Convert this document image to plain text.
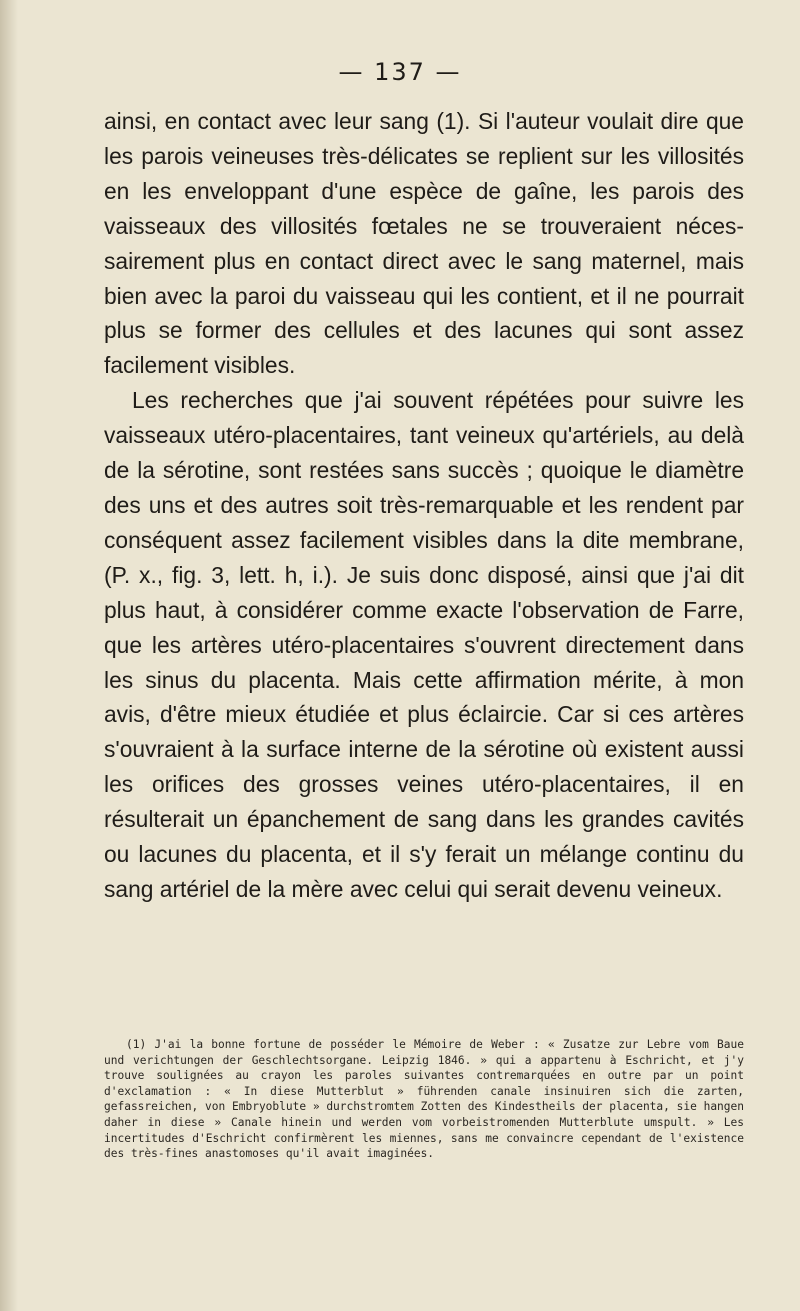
— 137 —

ainsi, en contact avec leur sang (1). Si l'auteur voulait dire que les parois veineuses très-délicates se replient sur les villosités en les enveloppant d'une espèce de gaîne, les parois des vaisseaux des villosités fœtales ne se trouveraient nécessairement plus en contact direct avec le sang maternel, mais bien avec la paroi du vaisseau qui les contient, et il ne pourrait plus se former des cellules et des lacunes qui sont assez facilement visibles.

Les recherches que j'ai souvent répétées pour suivre les vaisseaux utéro-placentaires, tant veineux qu'artériels, au delà de la sérotine, sont restées sans succès ; quoique le diamètre des uns et des autres soit très-remarquable et les rendent par conséquent assez facilement visibles dans la dite membrane, (P. x., fig. 3, lett. h, i.). Je suis donc disposé, ainsi que j'ai dit plus haut, à considérer comme exacte l'observation de Farre, que les artères utéro-placentaires s'ouvrent directement dans les sinus du placenta. Mais cette affirmation mérite, à mon avis, d'être mieux étudiée et plus éclaircie. Car si ces artères s'ouvraient à la surface interne de la sérotine où existent aussi les orifices des grosses veines utéro-placentaires, il en résulterait un épanchement de sang dans les grandes cavités ou lacunes du placenta, et il s'y ferait un mélange continu du sang artériel de la mère avec celui qui serait devenu veineux.

(1) J'ai la bonne fortune de posséder le Mémoire de Weber : « Zusatze zur Lebre vom Baue und verichtungen der Geschlechtsorgane. Leipzig 1846. » qui a appartenu à Eschricht, et j'y trouve soulignées au crayon les paroles suivantes contremarquées en outre par un point d'exclamation : « In diese Mutterblut » führenden canale insinuiren sich die zarten, gefassreichen, von Embryoblute » durchstromtem Zotten des Kindestheils der placenta, sie hangen daher in diese » Canale hinein und werden vom vorbeistromenden Mutterblute umspult. » Les incertitudes d'Eschricht confirmèrent les miennes, sans me convaincre cependant de l'existence des très-fines anastomoses qu'il avait imaginées.
